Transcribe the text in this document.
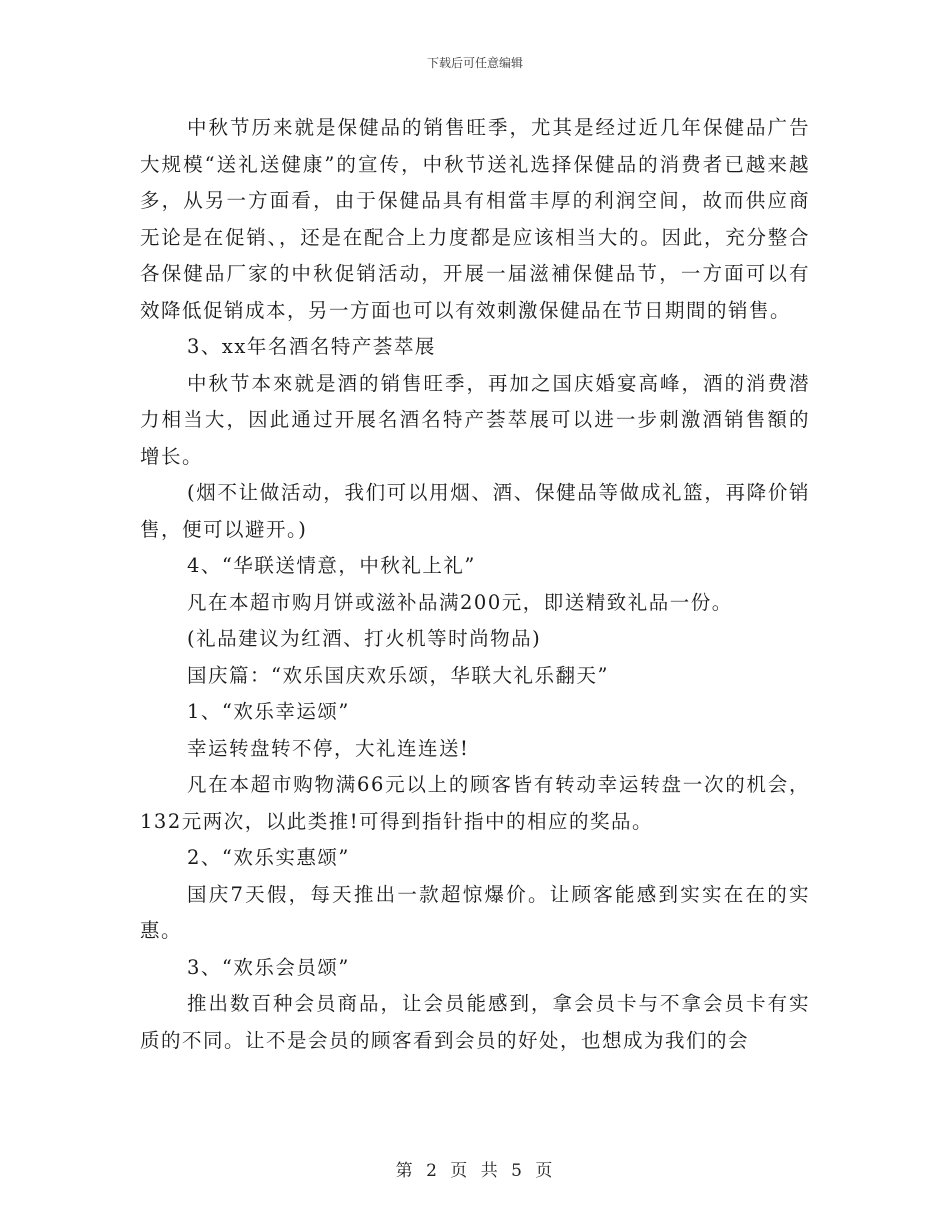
下载后可任意编辑

中秋节历来就是保健品的销售旺季，尤其是经过近几年保健品广告大规模“送礼送健康”的宣传，中秋节送礼选择保健品的消费者已越来越多，从另一方面看，由于保健品具有相當丰厚的利润空间，故而供应商无论是在促销、，还是在配合上力度都是应该相当大的。因此，充分整合各保健品厂家的中秋促销活动，开展一届滋補保健品节，一方面可以有效降低促销成本，另一方面也可以有效刺激保健品在节日期間的销售。

3、xx年名酒名特产荟萃展

中秋节本來就是酒的销售旺季，再加之国庆婚宴高峰，酒的消费潜力相当大，因此通过开展名酒名特产荟萃展可以进一步刺激酒销售額的增长。

(烟不让做活动，我们可以用烟、酒、保健品等做成礼篮，再降价销售，便可以避开。)

4、“华联送情意，中秋礼上礼”

凡在本超市购月饼或滋补品满200元，即送精致礼品一份。

(礼品建议为红酒、打火机等时尚物品)

国庆篇：“欢乐国庆欢乐颂，华联大礼乐翻天”

1、“欢乐幸运颂”

幸运转盘转不停，大礼连连送!

凡在本超市购物满66元以上的顾客皆有转动幸运转盘一次的机会，132元两次，以此类推!可得到指针指中的相应的奖品。

2、“欢乐实惠颂”

国庆7天假，每天推出一款超惊爆价。让顾客能感到实实在在的实惠。

3、“欢乐会员颂”

推出数百种会员商品，让会员能感到，拿会员卡与不拿会员卡有实质的不同。让不是会员的顾客看到会员的好处，也想成为我们的会

第 2 页 共 5 页
